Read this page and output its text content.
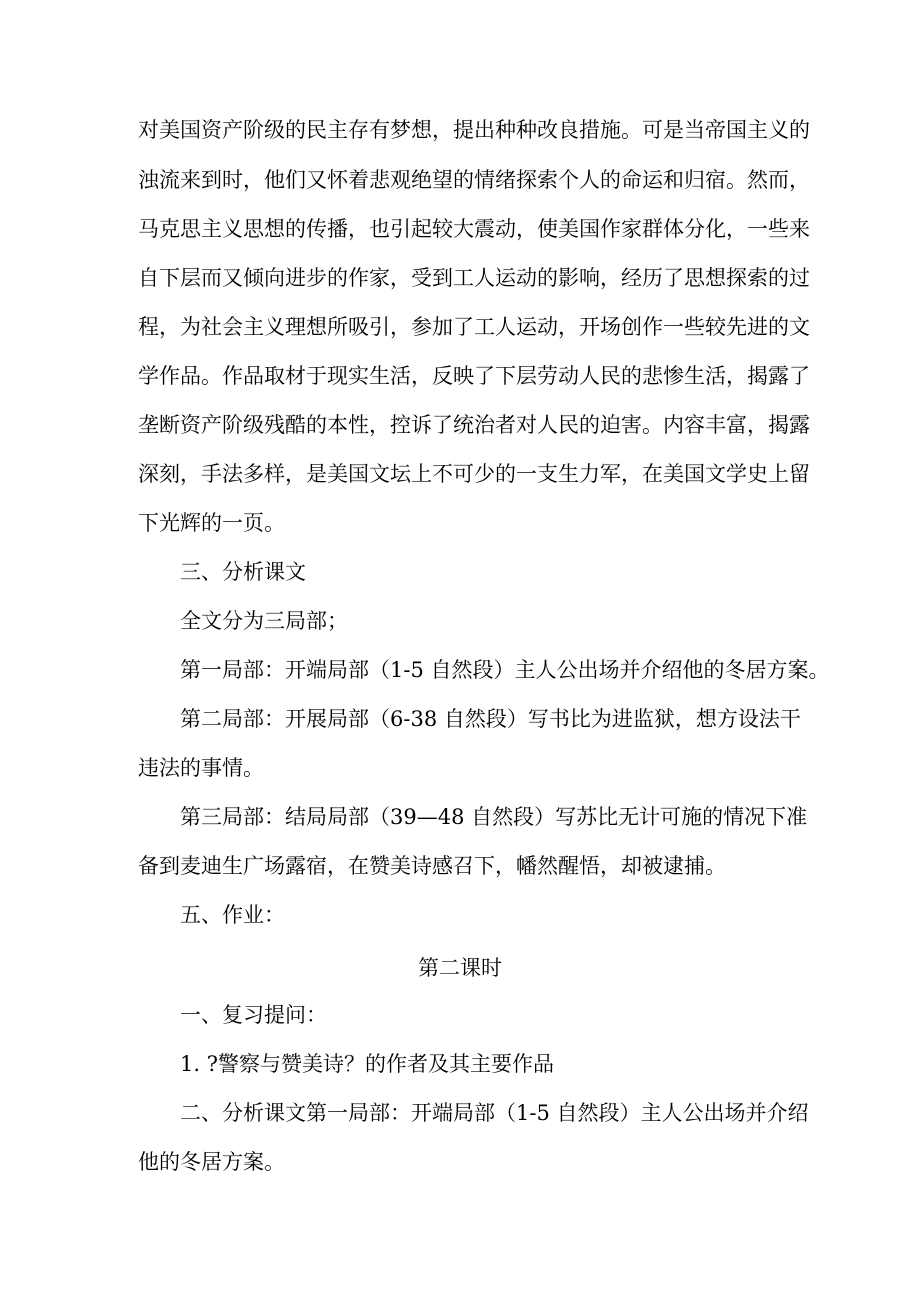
对美国资产阶级的民主存有梦想，提出种种改良措施。可是当帝国主义的
浊流来到时，他们又怀着悲观绝望的情绪探索个人的命运和归宿。然而，
马克思主义思想的传播，也引起较大震动，使美国作家群体分化，一些来
自下层而又倾向进步的作家，受到工人运动的影响，经历了思想探索的过
程，为社会主义理想所吸引，参加了工人运动，开场创作一些较先进的文
学作品。作品取材于现实生活，反映了下层劳动人民的悲惨生活，揭露了
垄断资产阶级残酷的本性，控诉了统治者对人民的迫害。内容丰富，揭露
深刻，手法多样，是美国文坛上不可少的一支生力军，在美国文学史上留
下光辉的一页。
三、分析课文
全文分为三局部；
第一局部：开端局部（1-5 自然段）主人公出场并介绍他的冬居方案。
第二局部：开展局部（6-38 自然段）写书比为进监狱，想方设法干
违法的事情。
第三局部：结局局部（39—48 自然段）写苏比无计可施的情况下准
备到麦迪生广场露宿，在赞美诗感召下，幡然醒悟，却被逮捕。
五、作业：
第二课时
一、复习提问：
1. ?警察与赞美诗？的作者及其主要作品
二、分析课文第一局部：开端局部（1-5 自然段）主人公出场并介绍
他的冬居方案。
